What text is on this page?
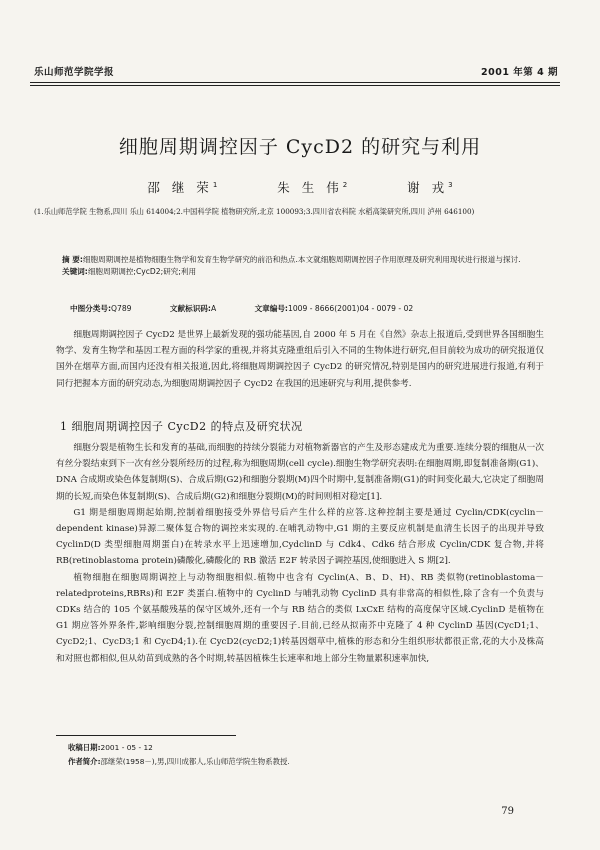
乐山师范学院学报	2001 年第 4 期
细胞周期调控因子 CycD2 的研究与利用
邵 继 荣$^1$	朱 生 伟$^2$	谢 戎$^3$
(1.乐山师范学院 生物系,四川 乐山 614004;2.中国科学院 植物研究所,北京 100093;3.四川省农科院 水稻高粱研究所,四川 泸州 646100)
摘 要:细胞周期调控是植物细胞生物学和发育生物学研究的前沿和热点.本文就细胞周期调控因子作用原理及研究利用现状进行报道与探讨.
关键词:细胞周期调控;CycD2;研究;利用
中图分类号:Q789	文献标识码:A	文章编号:1009 - 8666(2001)04 - 0079 - 02

细胞周期调控因子 CycD2 是世界上最新发现的强功能基因,自 2000 年 5 月在《自然》杂志上报道后,受到世界各国细胞生物学、发育生物学和基因工程方面的科学家的重视,并将其克隆重组后引入不同的生物体进行研究,但目前较为成功的研究报道仅国外在烟草方面,而国内还没有相关报道,因此,将细胞周期调控因子 CycD2 的研究情况,特别是国内的研究进展进行报道,有利于同行把握本方面的研究动态,为细胞周期调控因子 CycD2 在我国的迅速研究与利用,提供参考.

1 细胞周期调控因子 CycD2 的特点及研究状况

细胞分裂是植物生长和发育的基础,而细胞的持续分裂能力对植物新器官的产生及形态建成尤为重要.连续分裂的细胞从一次有丝分裂结束到下一次有丝分裂所经历的过程,称为细胞周期(cell cycle).细胞生物学研究表明:在细胞周期,即复制准备期(G1)、DNA 合成期或染色体复制期(S)、合成后期(G2)和细胞分裂期(M)四个时期中,复制准备期(G1)的时间变化最大,它决定了细胞周期的长短,而染色体复制期(S)、合成后期(G2)和细胞分裂期(M)的时间则相对稳定[1].

G1 期是细胞周期起始期,控制着细胞接受外界信号后产生什么样的应答.这种控制主要是通过 Cyclin/CDK(cyclin－dependent kinase)异源二聚体复合物的调控来实现的.在哺乳动物中,G1 期的主要反应机制是血清生长因子的出现并导致 CyclinD(D 类型细胞周期蛋白)在转录水平上迅速增加,CydclinD 与 Cdk4、Cdk6 结合形成 Cyclin/CDK 复合物,并将 RB(retinoblastoma protein)磷酸化,磷酸化的 RB 激活 E2F 转录因子调控基因,使细胞进入 S 期[2].

植物细胞在细胞周期调控上与动物细胞相似.植物中也含有 Cyclin(A、B、D、H)、RB 类似物(retinoblastoma－relatedproteins,RBRs)和 E2F 类蛋白.植物中的 CyclinD 与哺乳动物 CyclinD 具有非常高的相似性,除了含有一个负责与 CDKs 结合的 105 个氨基酸残基的保守区域外,还有一个与 RB 结合的类似 LxCxE 结构的高度保守区域.CyclinD 是植物在 G1 期应答外界条件,影响细胞分裂,控制细胞周期的重要因子.目前,已经从拟南芥中克隆了 4 种 CyclinD 基因(CycD1;1、CycD2;1、CycD3;1 和 CycD4;1).在 CycD2(cycD2;1)转基因烟草中,植株的形态和分生组织形状都很正常,花的大小及株高和对照也都相似,但从幼苗到成熟的各个时期,转基因植株生长速率和地上部分生物量累积速率加快,

收稿日期:2001 - 05 - 12
作者简介:邵继荣(1958－),男,四川成都人,乐山师范学院生物系教授.
79
